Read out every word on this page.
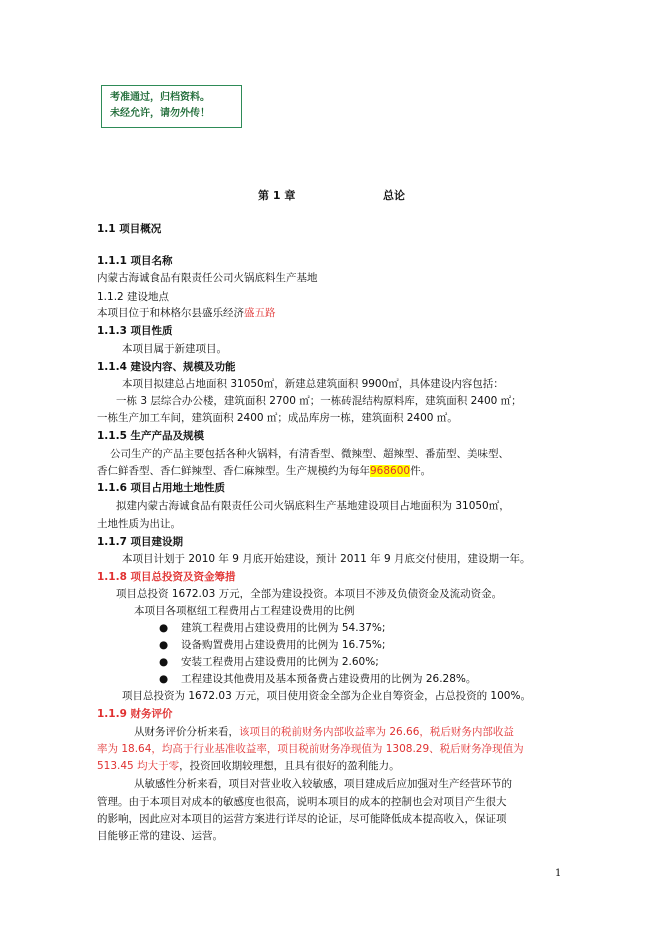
考准通过，归档资料。
未经允许，请勿外传！
第 1 章	总论
1.1 项目概况
1.1.1 项目名称
内蒙古海诚食品有限责任公司火锅底料生产基地
1.1.2 建设地点
本项目位于和林格尔县盛乐经济盛五路
1.1.3 项目性质
本项目属于新建项目。
1.1.4 建设内容、规模及功能
本项目拟建总占地面积 31050㎡，新建总建筑面积 9900㎡，具体建设内容包括：
一栋 3 层综合办公楼，建筑面积 2700 ㎡；一栋砖混结构原料库，建筑面积 2400 ㎡；
一栋生产加工车间，建筑面积 2400 ㎡；成品库房一栋，建筑面积 2400 ㎡。
1.1.5 生产产品及规模
公司生产的产品主要包括各种火锅料，有清香型、微辣型、超辣型、番茄型、美味型、
香仁鲜香型、香仁鲜辣型、香仁麻辣型。生产规模约为每年968600件。
1.1.6 项目占用地土地性质
拟建内蒙古海诚食品有限责任公司火锅底料生产基地建设项目占地面积为 31050㎡，
土地性质为出让。
1.1.7 项目建设期
本项目计划于 2010 年 9 月底开始建设，预计 2011 年 9 月底交付使用，建设期一年。
1.1.8 项目总投资及资金筹措
项目总投资 1672.03 万元，全部为建设投资。本项目不涉及负债资金及流动资金。
本项目各项枢纽工程费用占工程建设费用的比例
● 建筑工程费用占建设费用的比例为 54.37%;
● 设备购置费用占建设费用的比例为 16.75%;
● 安装工程费用占建设费用的比例为 2.60%;
● 工程建设其他费用及基本预备费占建设费用的比例为 26.28%。
项目总投资为 1672.03 万元，项目使用资金全部为企业自筹资金，占总投资的 100%。
1.1.9 财务评价
从财务评价分析来看，该项目的税前财务内部收益率为 26.66，税后财务内部收益
率为 18.64，均高于行业基准收益率，项目税前财务净现值为 1308.29、税后财务净现值为
513.45 均大于零，投资回收期较理想，且具有很好的盈利能力。
从敏感性分析来看，项目对营业收入较敏感，项目建成后应加强对生产经营环节的
管理。由于本项目对成本的敏感度也很高，说明本项目的成本的控制也会对项目产生很大
的影响，因此应对本项目的运营方案进行详尽的论证，尽可能降低成本提高收入，保证项
目能够正常的建设、运营。
1
